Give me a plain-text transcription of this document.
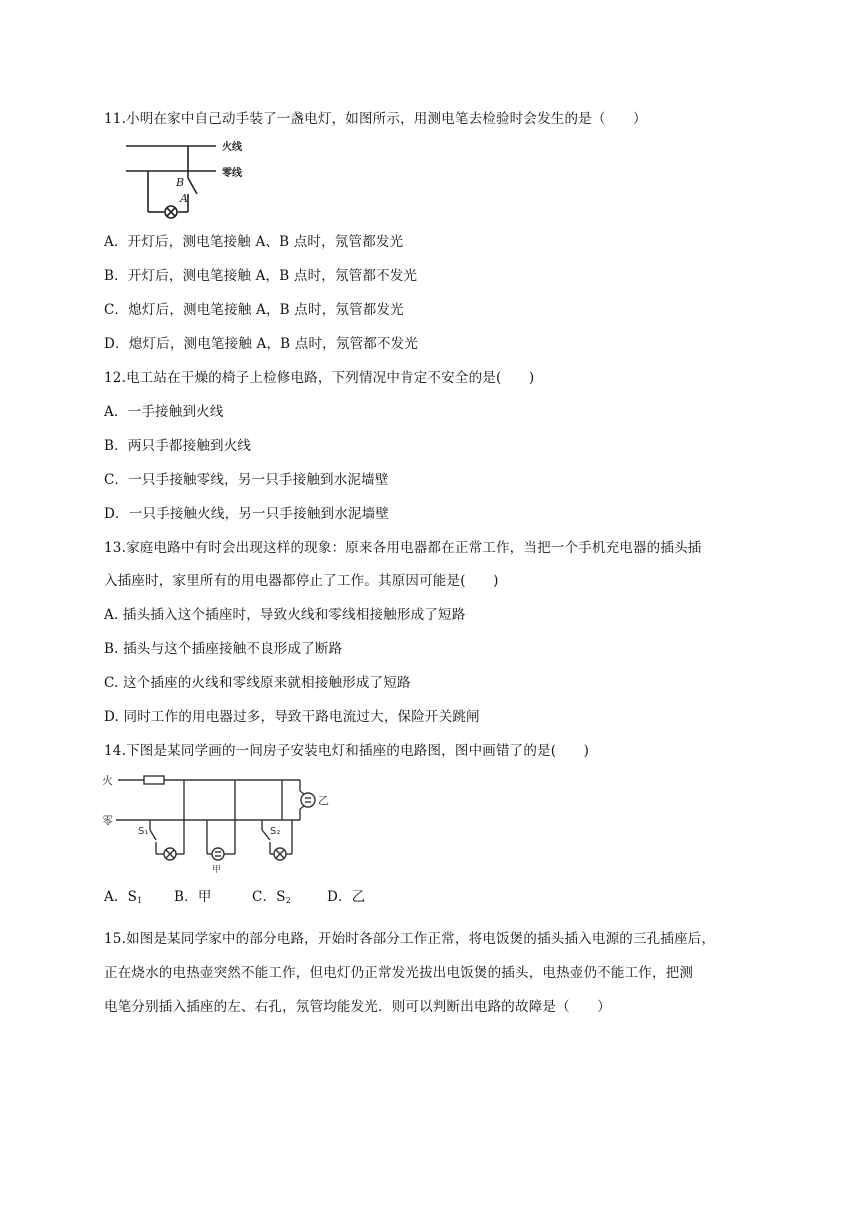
11.小明在家中自己动手装了一盏电灯，如图所示，用测电笔去检验时会发生的是（　　）
火线
零线
B
A
A．开灯后，测电笔接触 A、B 点时，氖管都发光
B．开灯后，测电笔接触 A，B 点时，氖管都不发光
C．熄灯后，测电笔接触 A，B 点时，氖管都发光
D．熄灯后，测电笔接触 A，B 点时，氖管都不发光
12.电工站在干燥的椅子上检修电路，下列情况中肯定不安全的是(　　)
A．一手接触到火线
B．两只手都接触到火线
C．一只手接触零线，另一只手接触到水泥墙壁
D．一只手接触火线，另一只手接触到水泥墙壁
13.家庭电路中有时会出现这样的现象：原来各用电器都在正常工作，当把一个手机充电器的插头插
入插座时，家里所有的用电器都停止了工作。其原因可能是(　　)
A. 插头插入这个插座时，导致火线和零线相接触形成了短路
B. 插头与这个插座接触不良形成了断路
C. 这个插座的火线和零线原来就相接触形成了短路
D. 同时工作的用电器过多，导致干路电流过大，保险开关跳闸
14.下图是某同学画的一间房子安装电灯和插座的电路图，图中画错了的是(　　)
火
零
S₁	S₂
甲
乙
A．$S_1$ B．甲	C．$S_2$	D．乙
15.如图是某同学家中的部分电路，开始时各部分工作正常，将电饭煲的插头插入电源的三孔插座后，
正在烧水的电热壶突然不能工作，但电灯仍正常发光拔出电饭煲的插头，电热壶仍不能工作，把测
电笔分别插入插座的左、右孔，氖管均能发光．则可以判断出电路的故障是（　　）
